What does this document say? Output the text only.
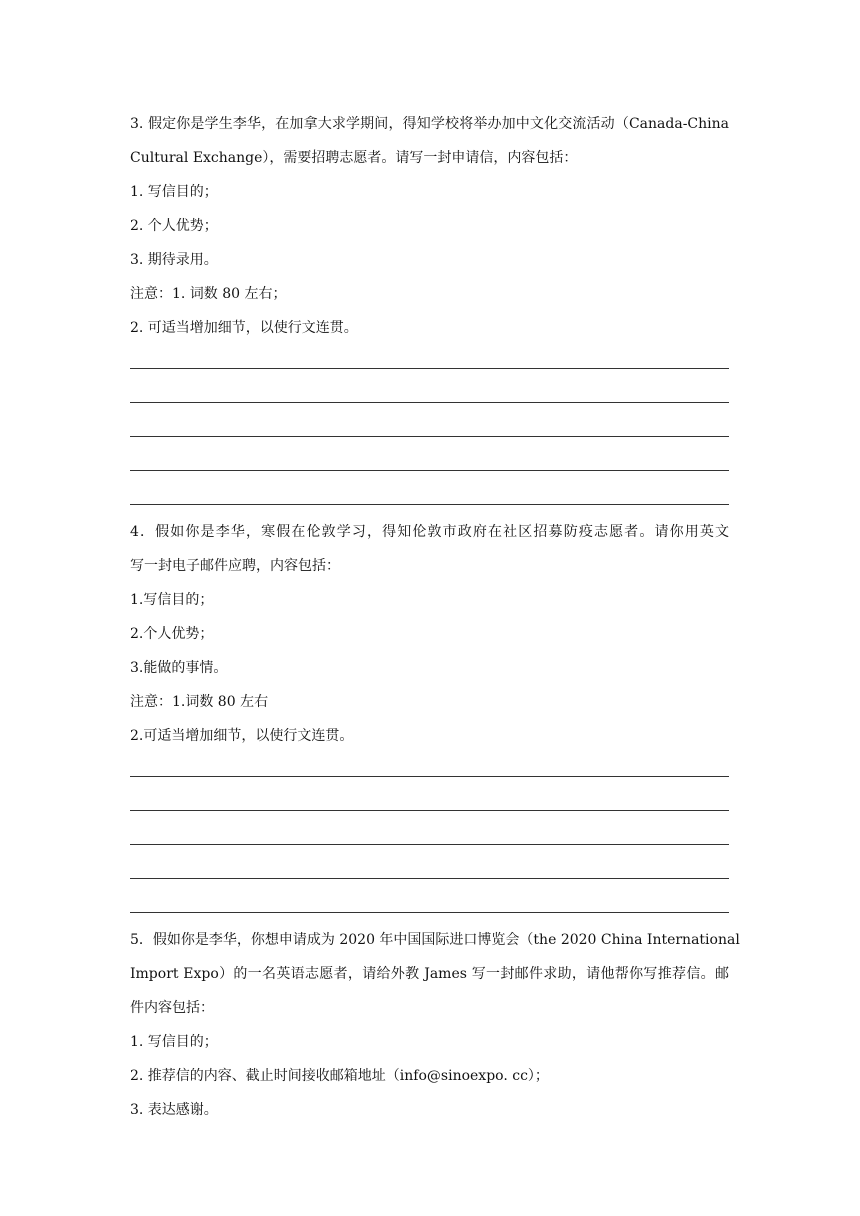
3. 假定你是学生李华，在加拿大求学期间，得知学校将举办加中文化交流活动（Canada-China
Cultural Exchange），需要招聘志愿者。请写一封申请信，内容包括：
1. 写信目的；
2. 个人优势；
3. 期待录用。
注意：1. 词数 80 左右；
2. 可适当增加细节，以使行文连贯。
4．假如你是李华，寒假在伦敦学习，得知伦敦市政府在社区招募防疫志愿者。请你用英文
写一封电子邮件应聘，内容包括：
1.写信目的；
2.个人优势；
3.能做的事情。
注意：1.词数 80 左右
2.可适当增加细节，以使行文连贯。
5．假如你是李华，你想申请成为 2020 年中国国际进口博览会（the 2020 China International
Import Expo）的一名英语志愿者，请给外教 James 写一封邮件求助，请他帮你写推荐信。邮
件内容包括：
1. 写信目的；
2. 推荐信的内容、截止时间接收邮箱地址（info@sinoexpo. cc）；
3. 表达感谢。
